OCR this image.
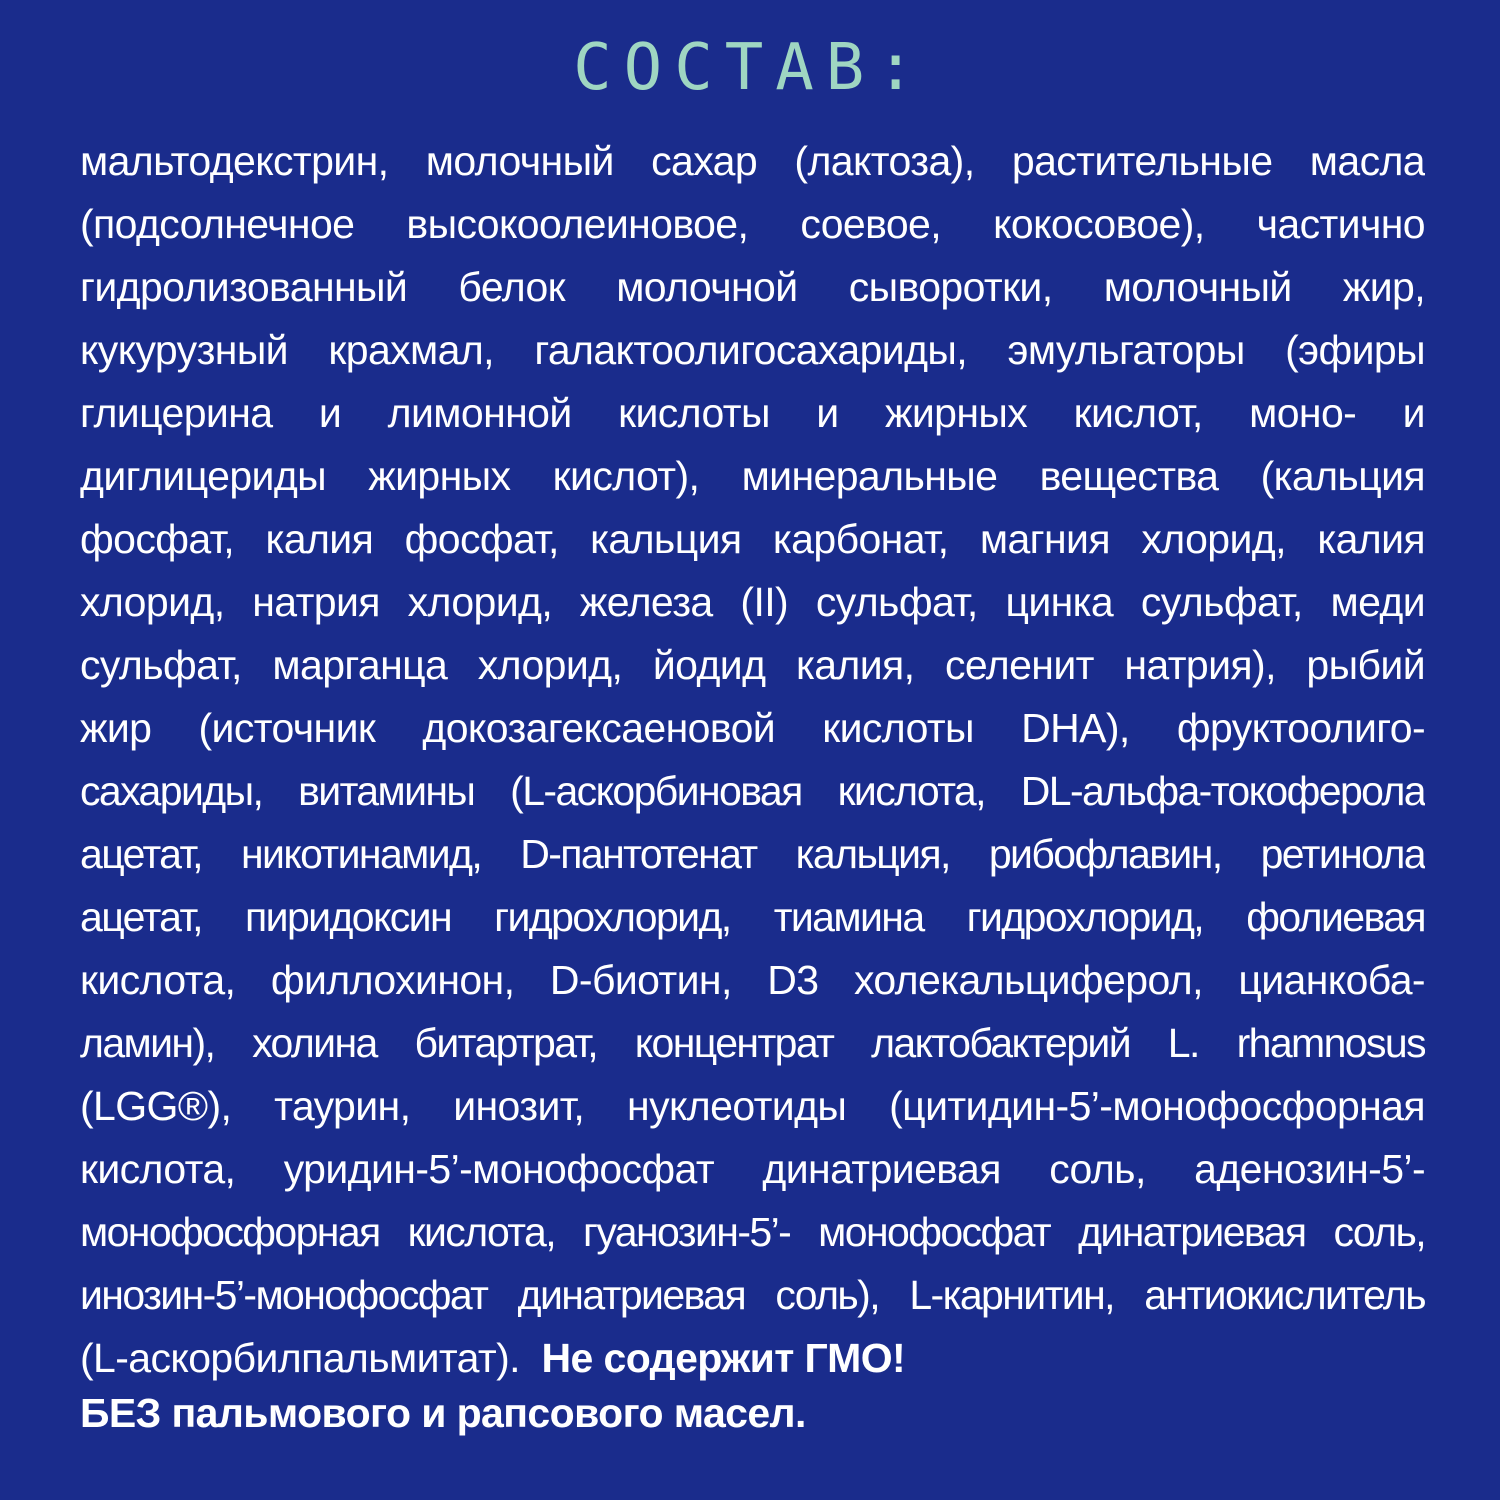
СОСТАВ:
мальтодекстрин, молочный сахар (лактоза), растительные масла
(подсолнечное высокоолеиновое, соевое, кокосовое), частично
гидролизованный белок молочной сыворотки, молочный жир,
кукурузный крахмал, галактоолигосахариды, эмульгаторы (эфиры
глицерина и лимонной кислоты и жирных кислот, моно- и
диглицериды жирных кислот), минеральные вещества (кальция
фосфат, калия фосфат, кальция карбонат, магния хлорид, калия
хлорид, натрия хлорид, железа (II) сульфат, цинка сульфат, меди
сульфат, марганца хлорид, йодид калия, селенит натрия), рыбий
жир (источник докозагексаеновой кислоты DHA), фруктоолиго-
сахариды, витамины (L-аскорбиновая кислота, DL-альфа-токоферола
ацетат, никотинамид, D-пантотенат кальция, рибофлавин, ретинола
ацетат, пиридоксин гидрохлорид, тиамина гидрохлорид, фолиевая
кислота, филлохинон, D-биотин, D3 холекальциферол, цианкоба-
ламин), холина битартрат, концентрат лактобактерий L. rhamnosus
(LGG®), таурин, инозит, нуклеотиды (цитидин-5’-монофосфорная
кислота, уридин-5’-монофосфат динатриевая соль, аденозин-5’-
монофосфорная кислота, гуанозин-5’- монофосфат динатриевая соль,
инозин-5’-монофосфат динатриевая соль), L-карнитин, антиокислитель
(L-аскорбилпальмитат). Не содержит ГМО!
БЕЗ пальмового и рапсового масел.
